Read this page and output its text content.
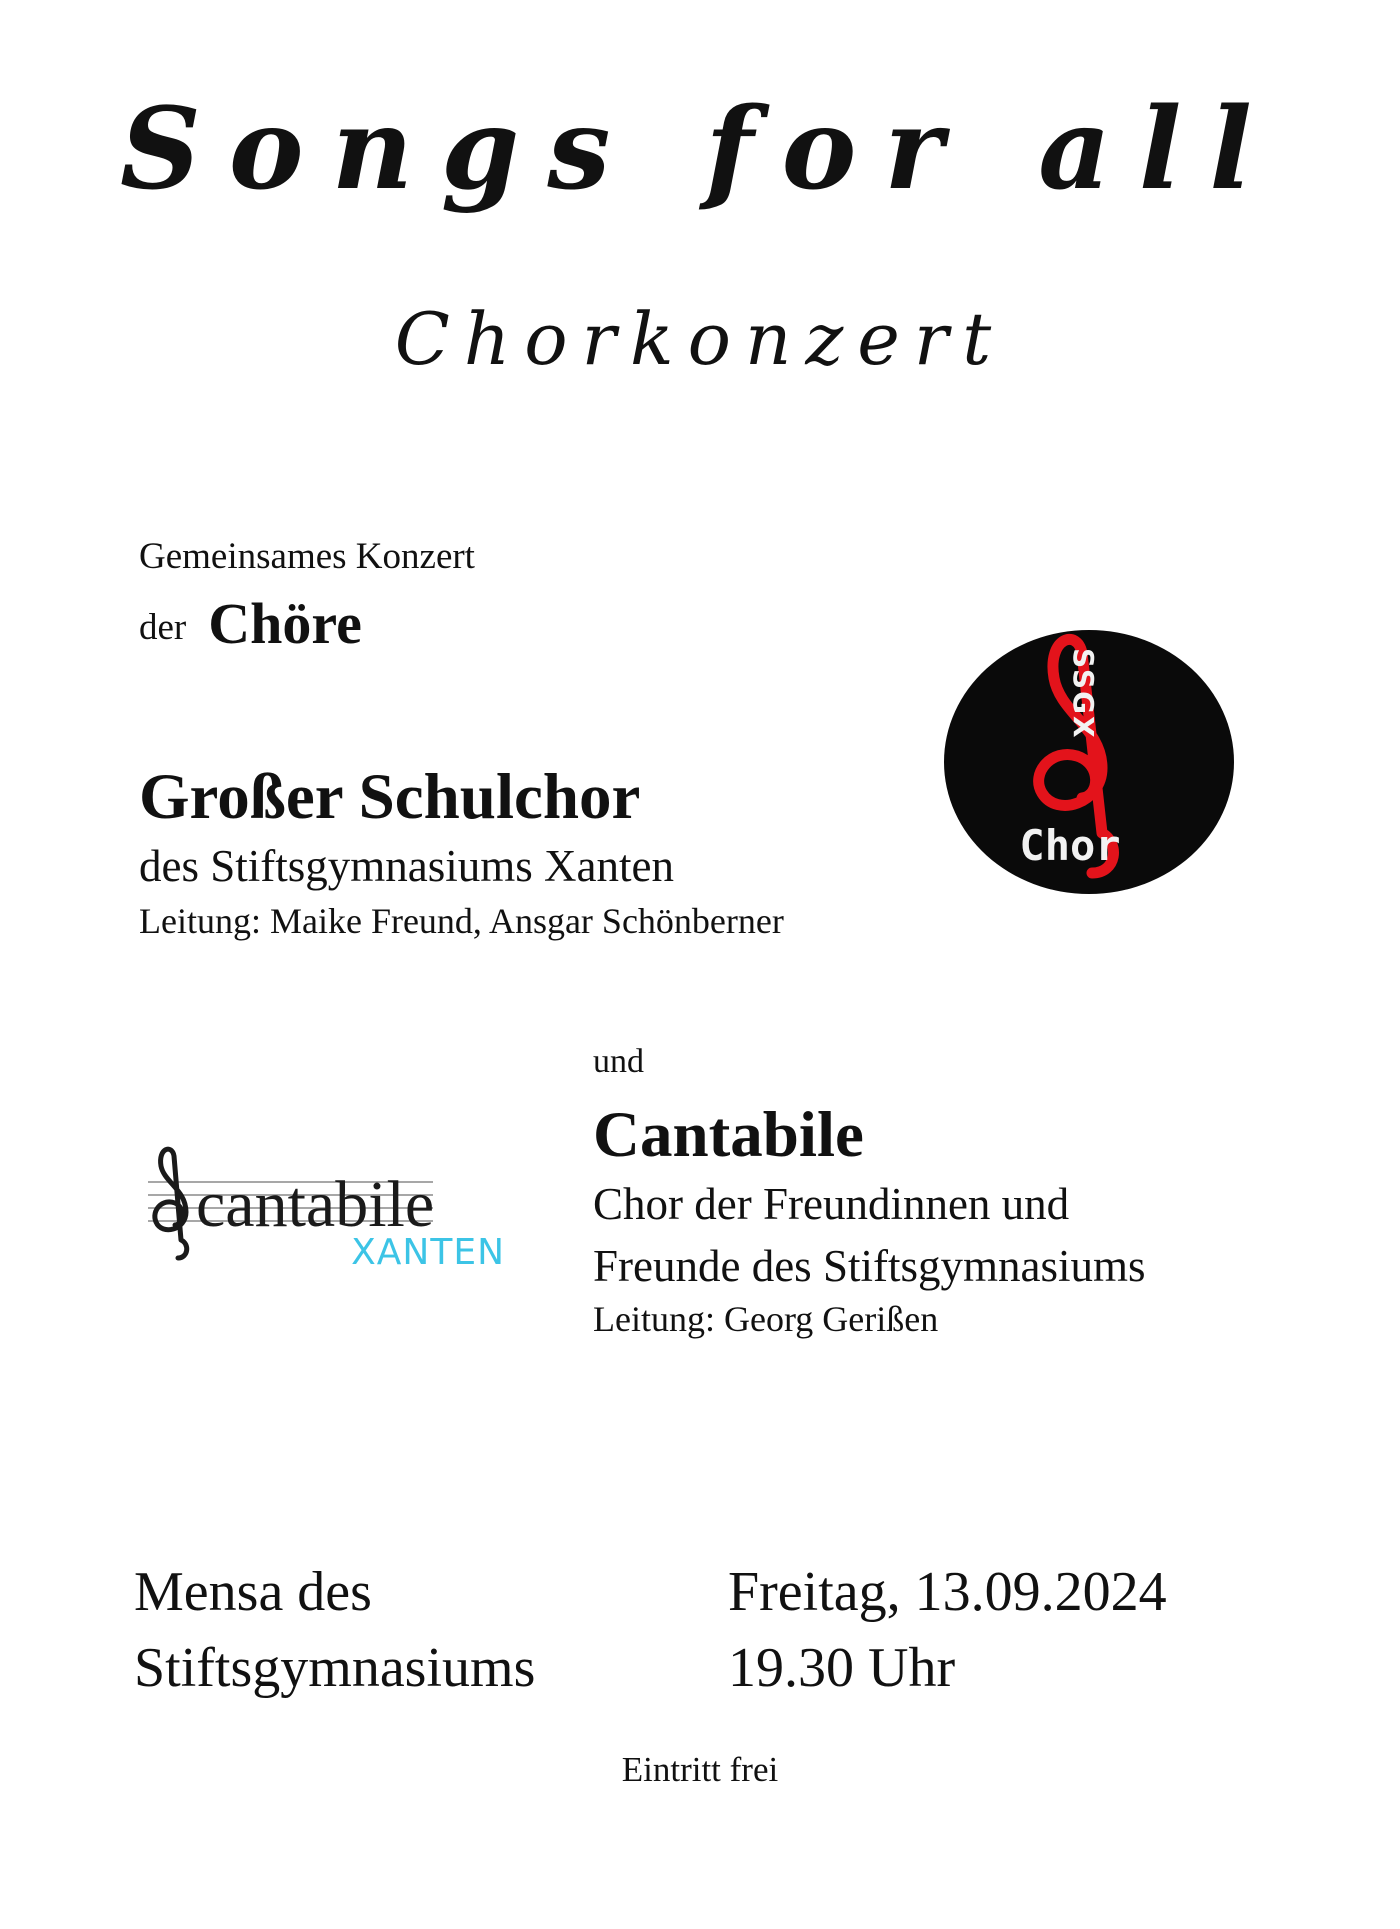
Songs for all
Chorkonzert
Gemeinsames Konzert
der Chöre
Großer Schulchor
des Stiftsgymnasiums Xanten
Leitung: Maike Freund, Ansgar Schönberner
SSGX
Chor
und
Cantabile
Chor der Freundinnen und
Freunde des Stiftsgymnasiums
Leitung: Georg Gerißen
cantabile
XANTEN
Mensa des
Stiftsgymnasiums
Freitag, 13.09.2024
19.30 Uhr
Eintritt frei
